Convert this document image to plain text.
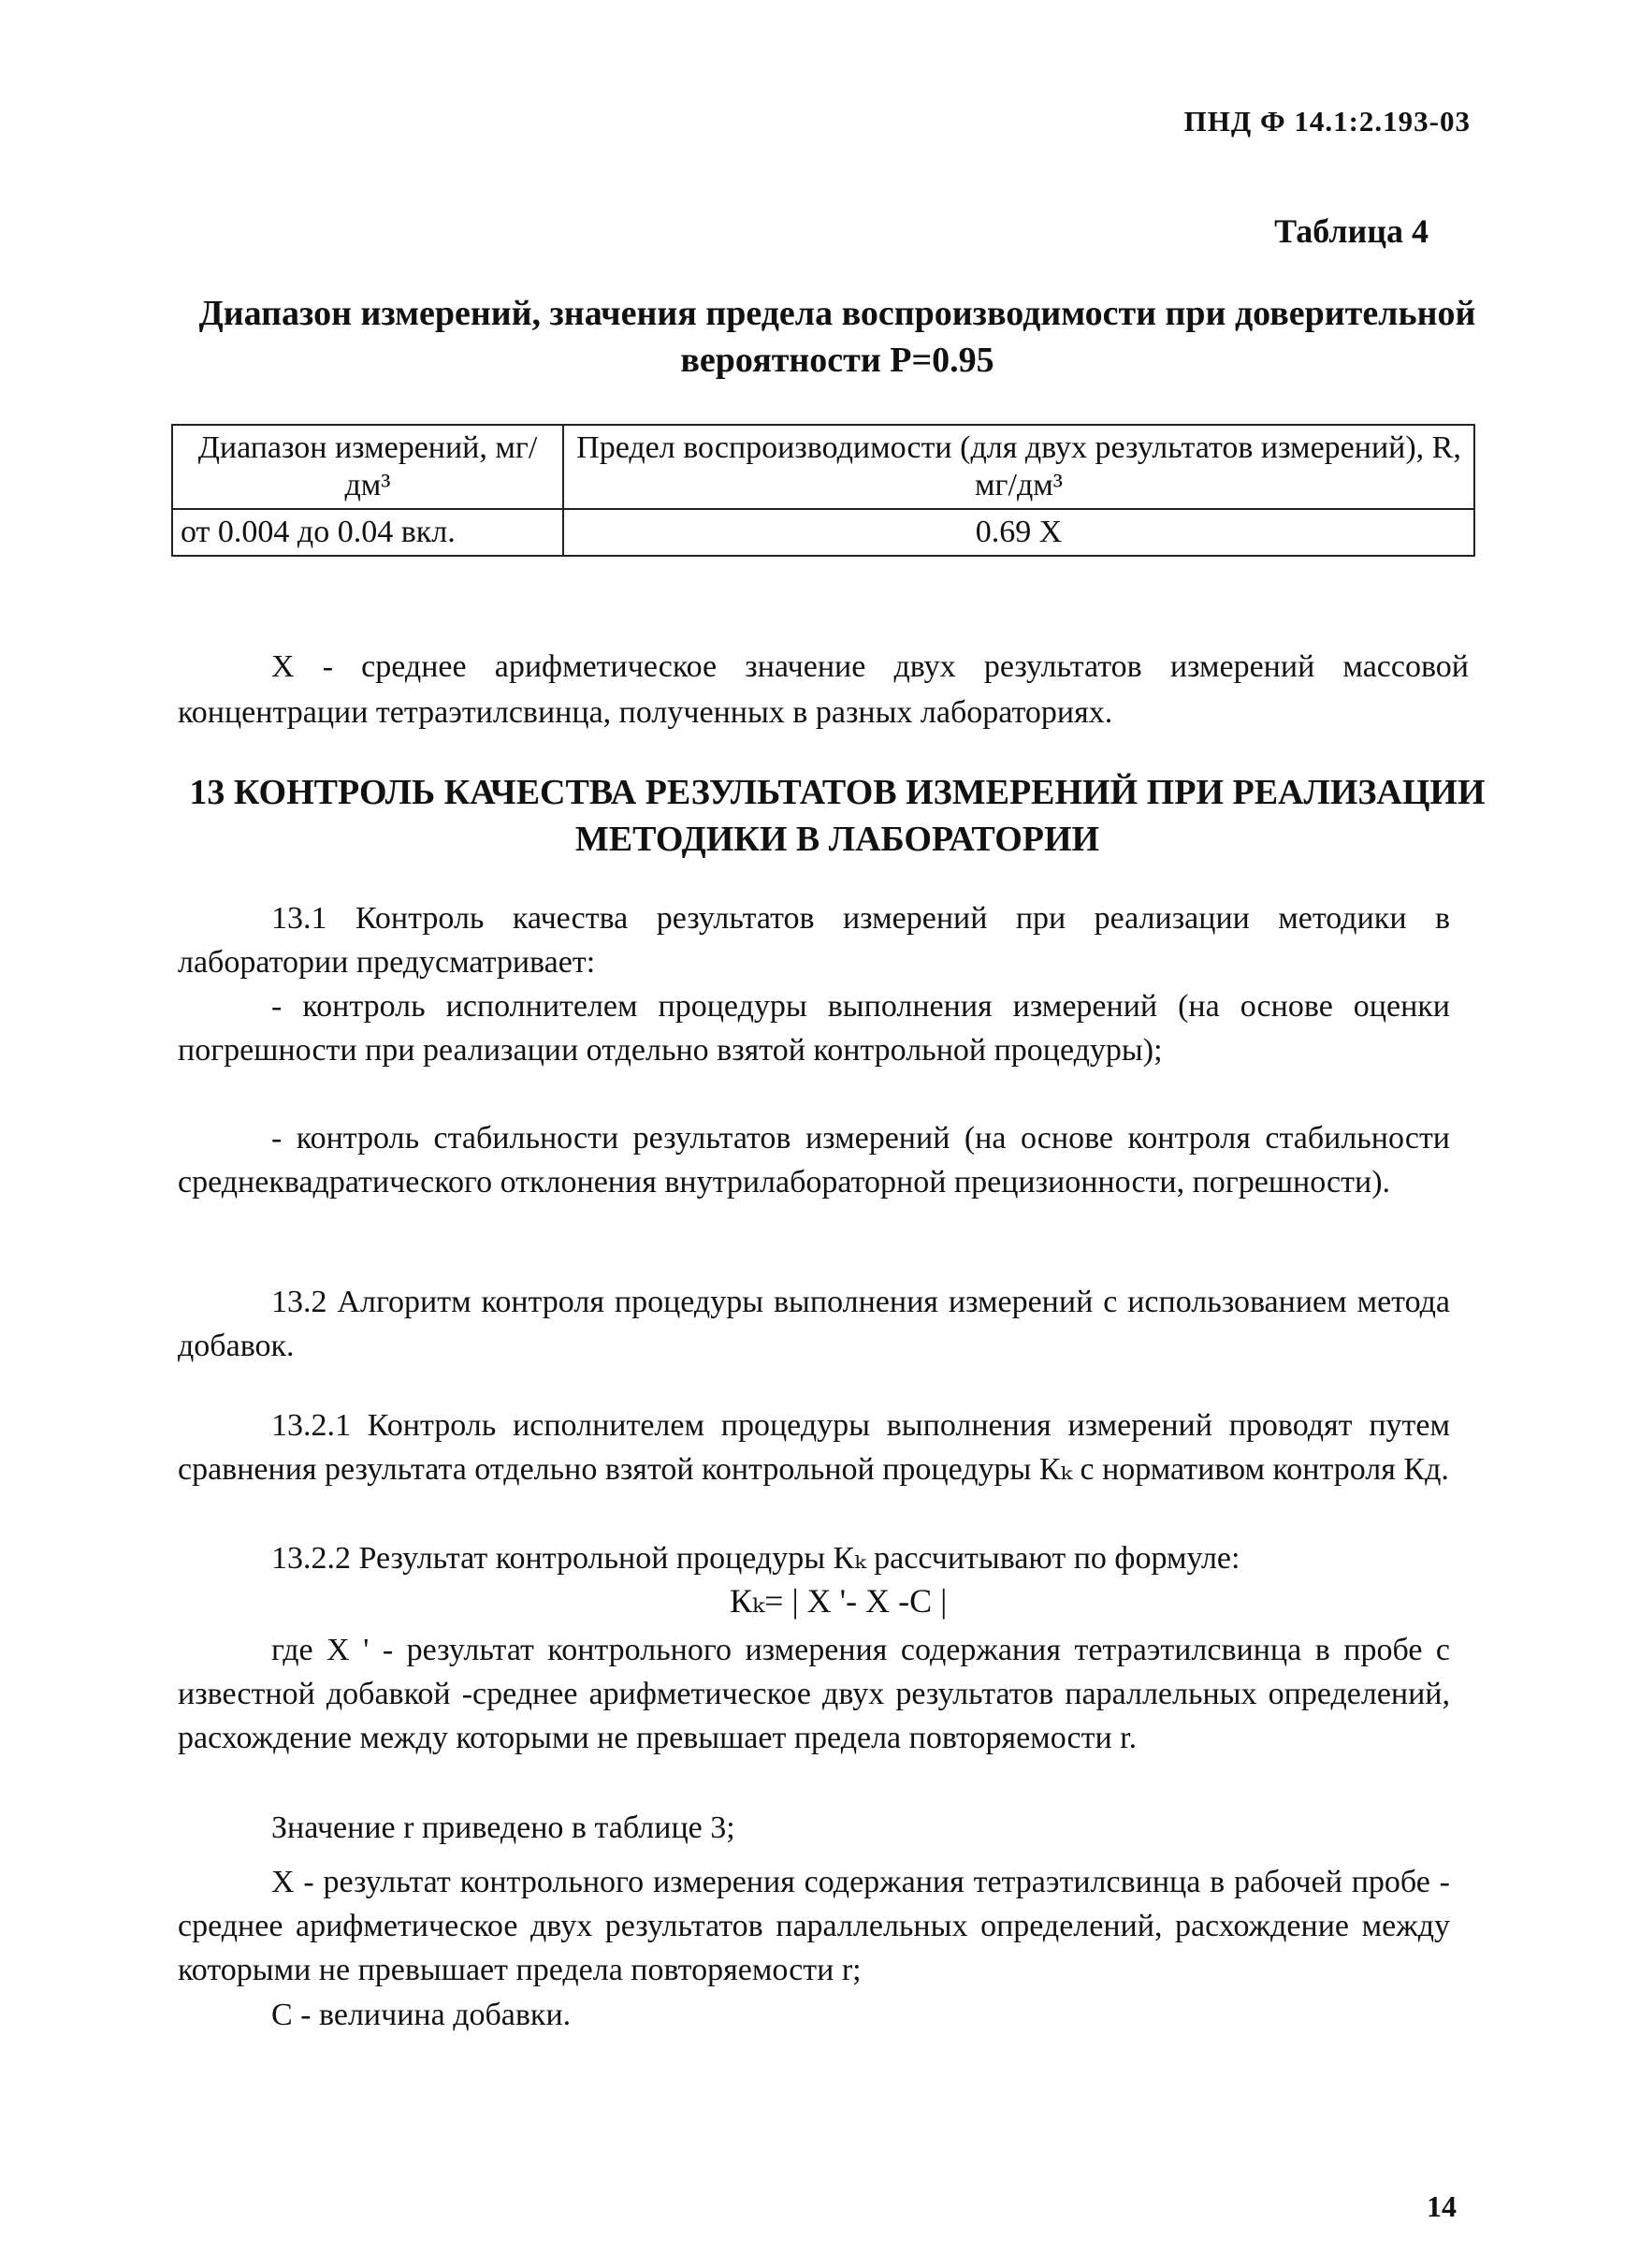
ПНД Ф 14.1:2.193-03
Таблица 4
Диапазон измерений, значения предела воспроизводимости при доверительной вероятности Р=0.95
Диапазон измерений, мг/дм³	Предел воспроизводимости (для двух результатов измерений), R, мг/дм³
от 0.004 до 0.04 вкл.	0.69 X
X - среднее арифметическое значение двух результатов измерений массовой концентрации тетраэтилсвинца, полученных в разных лабораториях.
13 КОНТРОЛЬ КАЧЕСТВА РЕЗУЛЬТАТОВ ИЗМЕРЕНИЙ ПРИ РЕАЛИЗАЦИИ МЕТОДИКИ В ЛАБОРАТОРИИ
13.1 Контроль качества результатов измерений при реализации методики в лаборатории предусматривает:
- контроль исполнителем процедуры выполнения измерений (на основе оценки погрешности при реализации отдельно взятой контрольной процедуры);
- контроль стабильности результатов измерений (на основе контроля стабильности среднеквадратического отклонения внутрилабораторной прецизионности, погрешности).
13.2 Алгоритм контроля процедуры выполнения измерений с использованием метода добавок.
13.2.1 Контроль исполнителем процедуры выполнения измерений проводят путем сравнения результата отдельно взятой контрольной процедуры Кₖ с нормативом контроля Кд.
13.2.2 Результат контрольной процедуры Кₖ рассчитывают по формуле:
Кₖ= | X '- X -C |
где X ' - результат контрольного измерения содержания тетраэтилсвинца в пробе с известной добавкой -среднее арифметическое двух результатов параллельных определений, расхождение между которыми не превышает предела повторяемости r.
Значение r приведено в таблице 3;
X - результат контрольного измерения содержания тетраэтилсвинца в рабочей пробе - среднее арифметическое двух результатов параллельных определений, расхождение между которыми не превышает предела повторяемости r;
С - величина добавки.
14
